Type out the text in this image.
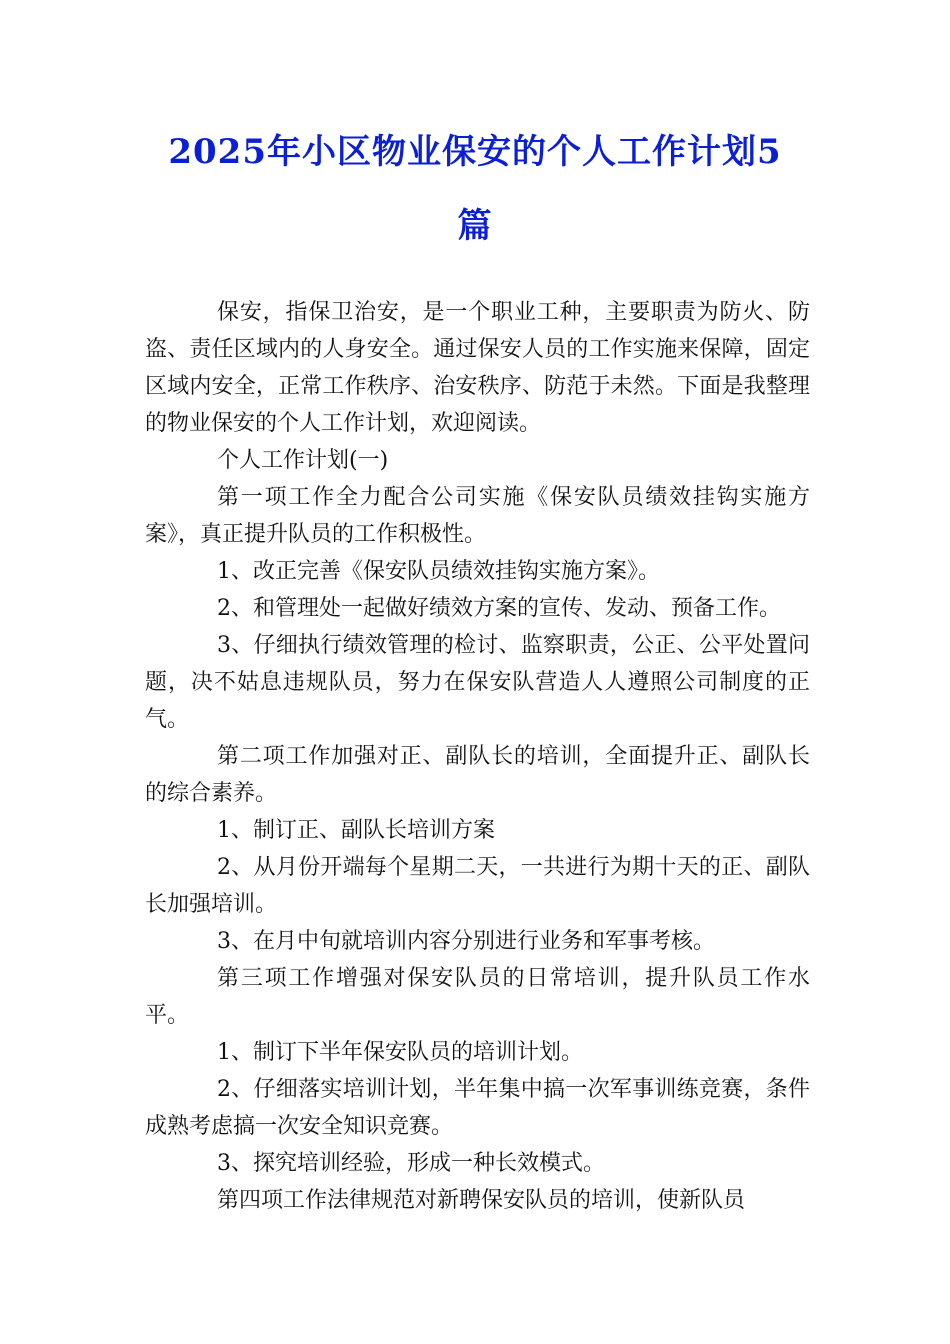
2025年小区物业保安的个人工作计划5
篇

保安，指保卫治安，是一个职业工种，主要职责为防火、防盗、责任区域内的人身安全。通过保安人员的工作实施来保障，固定区域内安全，正常工作秩序、治安秩序、防范于未然。下面是我整理的物业保安的个人工作计划，欢迎阅读。

个人工作计划(一)

第一项工作全力配合公司实施《保安队员绩效挂钩实施方案》，真正提升队员的工作积极性。

1、改正完善《保安队员绩效挂钩实施方案》。

2、和管理处一起做好绩效方案的宣传、发动、预备工作。

3、仔细执行绩效管理的检讨、监察职责，公正、公平处置问题，决不姑息违规队员，努力在保安队营造人人遵照公司制度的正气。

第二项工作加强对正、副队长的培训，全面提升正、副队长的综合素养。

1、制订正、副队长培训方案

2、从月份开端每个星期二天，一共进行为期十天的正、副队长加强培训。

3、在月中旬就培训内容分别进行业务和军事考核。

第三项工作增强对保安队员的日常培训，提升队员工作水平。

1、制订下半年保安队员的培训计划。

2、仔细落实培训计划，半年集中搞一次军事训练竞赛，条件成熟考虑搞一次安全知识竞赛。

3、探究培训经验，形成一种长效模式。

第四项工作法律规范对新聘保安队员的培训，使新队员
